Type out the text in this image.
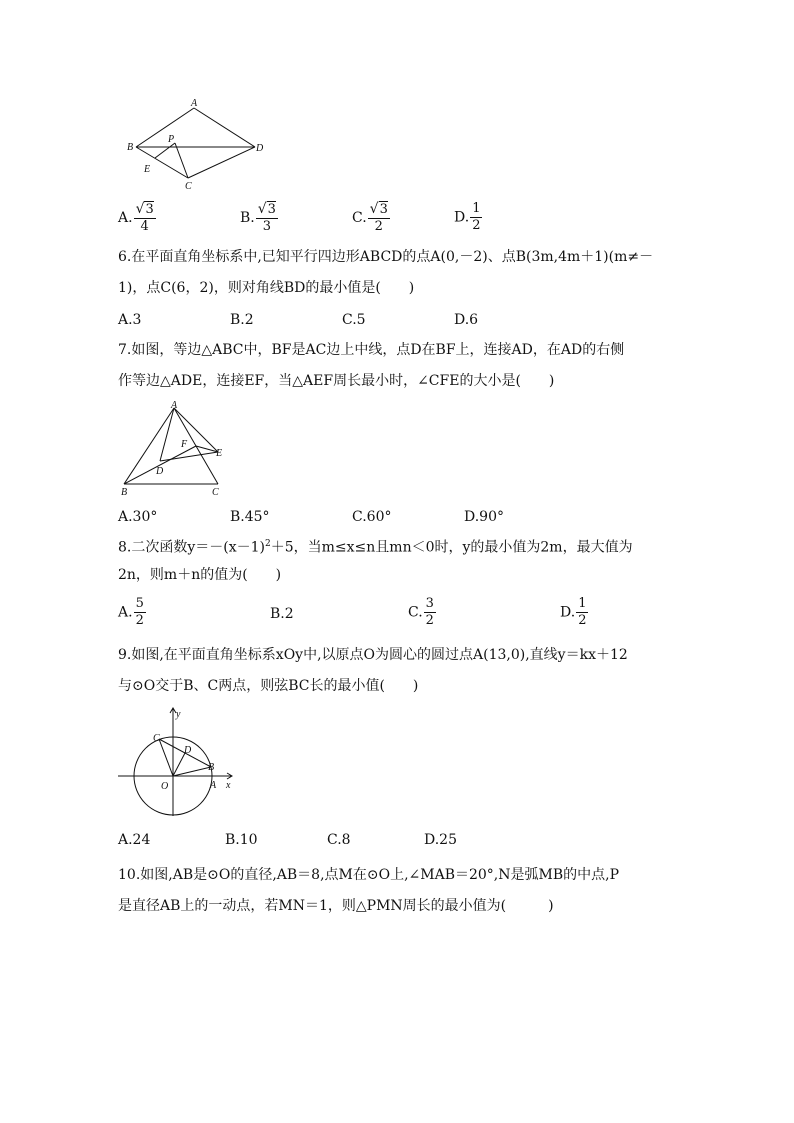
A
B
C
D
P
E
A. $\frac{√3}{4}$	B. $\frac{√3}{3}$	C. $\frac{√3}{2}$	D. $\frac{1}{2}$
6.在平面直角坐标系中,已知平行四边形ABCD的点A(0,－2)、点B(3m,4m＋1)(m≠－
1)，点C(6，2)，则对角线BD的最小值是(　　)
A.3	B.2	C.5	D.6
7.如图，等边△ABC中，BF是AC边上中线，点D在BF上，连接AD，在AD的右侧
作等边△ADE，连接EF，当△AEF周长最小时，∠CFE的大小是(　　)
A
B	C
D
E
F
A.30°	B.45°	C.60°	D.90°
8.二次函数$y=-(x-1)^2+5$，当m≤x≤n且mn＜0时，y的最小值为2m，最大值为
2n，则m＋n的值为(　　)
A. $\frac{5}{2}$	B.2	C. $\frac{3}{2}$	D. $\frac{1}{2}$
9.如图,在平面直角坐标系xOy中,以原点O为圆心的圆过点A(13,0),直线y＝kx＋12
与⊙O交于B、C两点，则弦BC长的最小值(　　)
y
x
O	A
B
C
D
A.24	B.10	C.8	D.25
10.如图,AB是⊙O的直径,AB＝8,点M在⊙O上,∠MAB＝20°,N是弧MB的中点,P
是直径AB上的一动点，若MN＝1，则△PMN周长的最小值为(　　　)
